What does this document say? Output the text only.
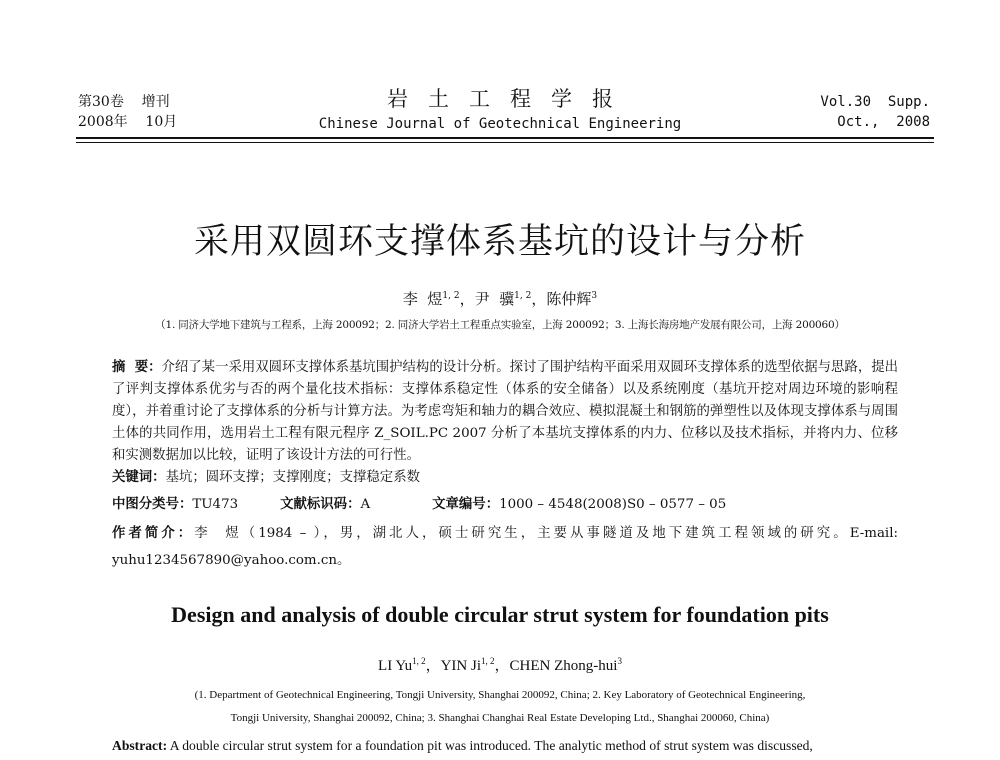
第30卷    增刊
2008年    10月
岩土工程学报
Chinese Journal of Geotechnical Engineering
Vol.30  Supp.
Oct.,  2008
采用双圆环支撑体系基坑的设计与分析
李  煜$^{1, 2}$，尹  骥$^{1, 2}$，陈仲辉$^3$
（1. 同济大学地下建筑与工程系，上海 200092；2. 同济大学岩土工程重点实验室，上海 200092；3. 上海长海房地产发展有限公司，上海 200060）
摘  要：介绍了某一采用双圆环支撑体系基坑围护结构的设计分析。探讨了围护结构平面采用双圆环支撑体系的选型依据与思路，提出了评判支撑体系优劣与否的两个量化技术指标：支撑体系稳定性（体系的安全储备）以及系统刚度（基坑开挖对周边环境的影响程度），并着重讨论了支撑体系的分析与计算方法。为考虑弯矩和轴力的耦合效应、模拟混凝土和钢筋的弹塑性以及体现支撑体系与周围土体的共同作用，选用岩土工程有限元程序 Z_SOIL.PC 2007 分析了本基坑支撑体系的内力、位移以及技术指标，并将内力、位移和实测数据加以比较，证明了该设计方法的可行性。
关键词：基坑；圆环支撑；支撑刚度；支撑稳定系数
中图分类号：TU473	文献标识码：A	文章编号：1000 – 4548(2008)S0 – 0577 – 05
作者简介：李  煜（1984 – ），男，湖北人，硕士研究生，主要从事隧道及地下建筑工程领域的研究。E-mail: yuhu1234567890@yahoo.com.cn。
Design and analysis of double circular strut system for foundation pits
LI Yu$^{1, 2}$，YIN Ji$^{1, 2}$，CHEN Zhong-hui$^3$
(1. Department of Geotechnical Engineering, Tongji University, Shanghai 200092, China; 2. Key Laboratory of Geotechnical Engineering,
Tongji University, Shanghai 200092, China; 3. Shanghai Changhai Real Estate Developing Ltd., Shanghai 200060, China)
Abstract: A double circular strut system for a foundation pit was introduced. The analytic method of strut system was discussed,
